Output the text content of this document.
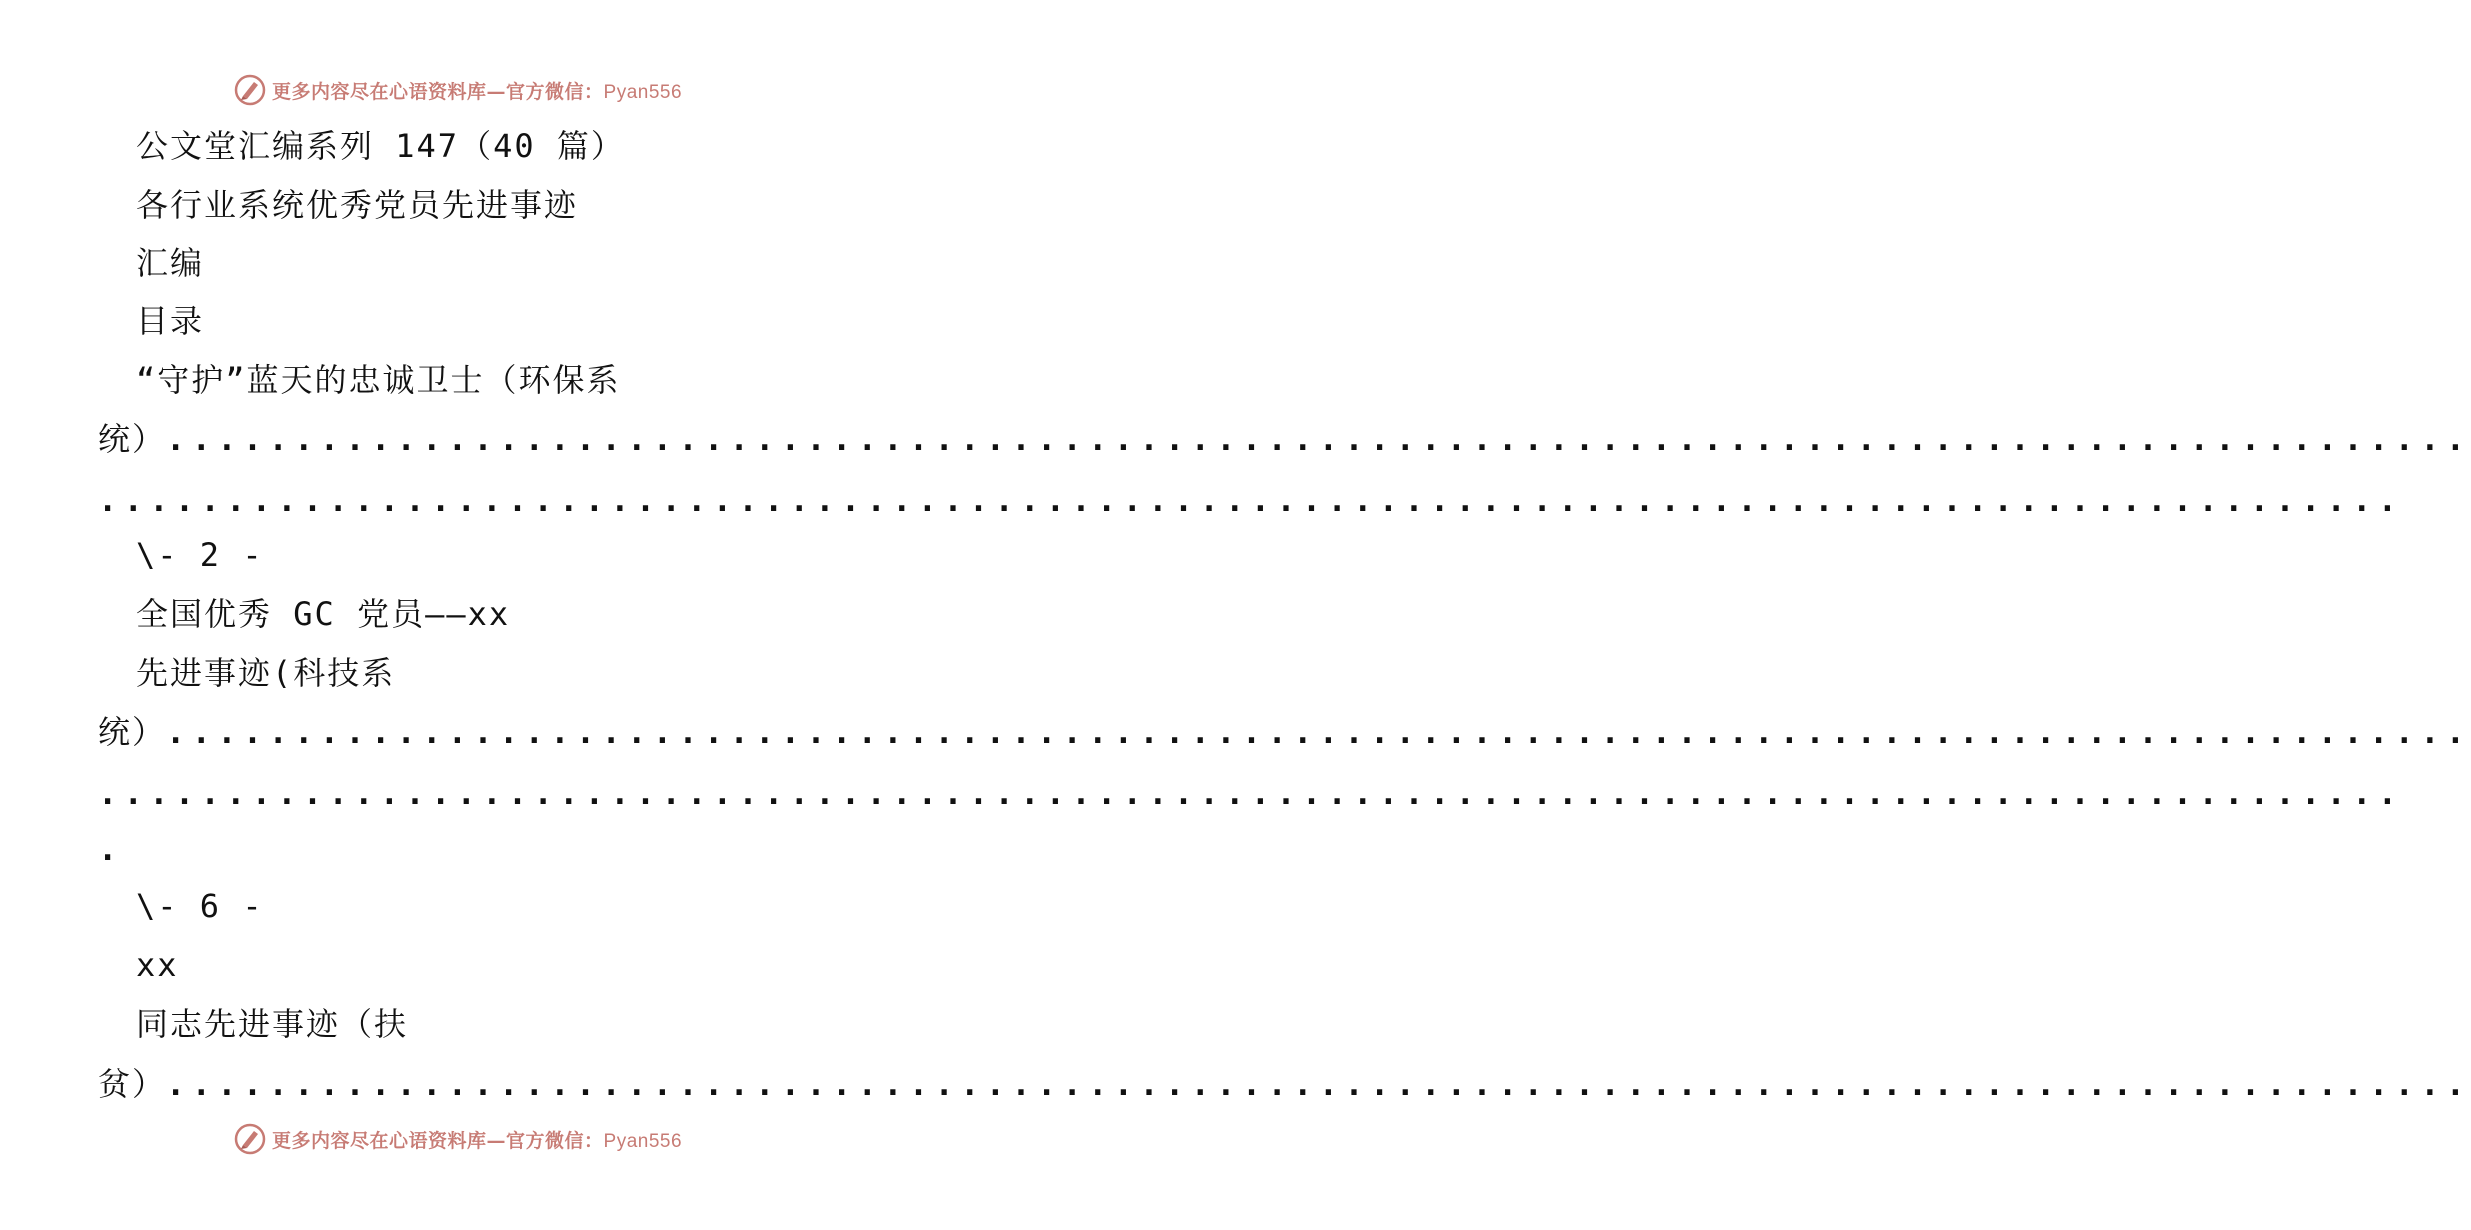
更多内容尽在心语资料库—官方微信：Pyan556
公文堂汇编系列 147（40 篇）
各行业系统优秀党员先进事迹
汇编
目录
“守护”蓝天的忠诚卫士（环保系
统） ..........................................................................................
..........................................................................................
\- 2 -
全国优秀 GC 党员——xx
先进事迹(科技系
统） ..........................................................................................
..........................................................................................
.
\- 6 -
xx
同志先进事迹（扶
贫） ..........................................................................................
更多内容尽在心语资料库—官方微信：Pyan556
